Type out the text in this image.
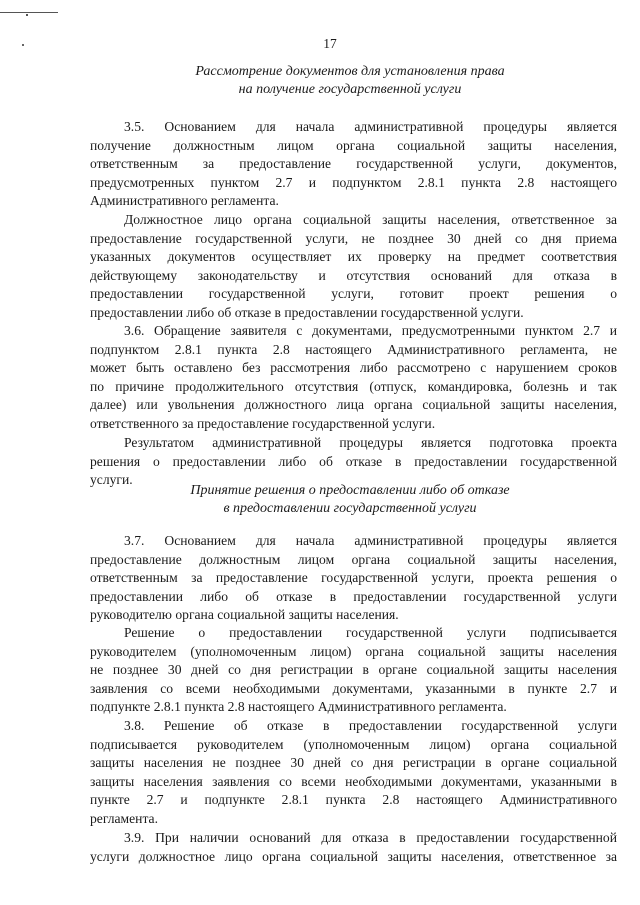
17
Рассмотрение документов для установления права
на получение государственной услуги
3.5. Основанием для начала административной процедуры является
получение должностным лицом органа социальной защиты населения,
ответственным за предоставление государственной услуги, документов,
предусмотренных пунктом 2.7 и подпунктом 2.8.1 пункта 2.8 настоящего
Административного регламента.
Должностное лицо органа социальной защиты населения, ответственное за
предоставление государственной услуги, не позднее 30 дней со дня приема
указанных документов осуществляет их проверку на предмет соответствия
действующему законодательству и отсутствия оснований для отказа в
предоставлении государственной услуги, готовит проект решения о
предоставлении либо об отказе в предоставлении государственной услуги.
3.6. Обращение заявителя с документами, предусмотренными пунктом 2.7 и
подпунктом 2.8.1 пункта 2.8 настоящего Административного регламента, не
может быть оставлено без рассмотрения либо рассмотрено с нарушением сроков
по причине продолжительного отсутствия (отпуск, командировка, болезнь и так
далее) или увольнения должностного лица органа социальной защиты населения,
ответственного за предоставление государственной услуги.
Результатом административной процедуры является подготовка проекта
решения о предоставлении либо об отказе в предоставлении государственной
услуги.
Принятие решения о предоставлении либо об отказе
в предоставлении государственной услуги
3.7. Основанием для начала административной процедуры является
предоставление должностным лицом органа социальной защиты населения,
ответственным за предоставление государственной услуги, проекта решения о
предоставлении либо об отказе в предоставлении государственной услуги
руководителю органа социальной защиты населения.
Решение о предоставлении государственной услуги подписывается
руководителем (уполномоченным лицом) органа социальной защиты населения
не позднее 30 дней со дня регистрации в органе социальной защиты населения
заявления со всеми необходимыми документами, указанными в пункте 2.7 и
подпункте 2.8.1 пункта 2.8 настоящего Административного регламента.
3.8. Решение об отказе в предоставлении государственной услуги
подписывается руководителем (уполномоченным лицом) органа социальной
защиты населения не позднее 30 дней со дня регистрации в органе социальной
защиты населения заявления со всеми необходимыми документами, указанными в
пункте 2.7 и подпункте 2.8.1 пункта 2.8 настоящего Административного
регламента.
3.9. При наличии оснований для отказа в предоставлении государственной
услуги должностное лицо органа социальной защиты населения, ответственное за
